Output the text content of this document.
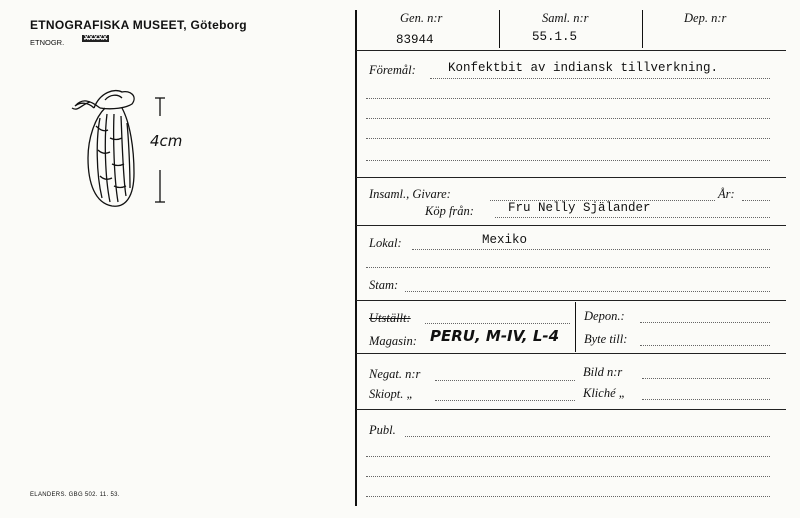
ETNOGRAFISKA MUSEET, Göteborg
ETNOGR.	XXXXX
4cm
ELANDERS. GBG 502. 11. 53.
Gen. n:r
83944
Saml. n:r
55.1.5
Dep. n:r
Föremål:	Konfektbit av indiansk tillverkning.
Insaml., Givare:	År:
Köp från:	Fru Nelly Själander
Lokal:	Mexiko
Stam:
Utställt:	Depon.:
Magasin: PERU, M-IV, L-4 Byte till:
Negat. n:r	Bild n:r
Skiopt. „	Kliché „
Publ.
